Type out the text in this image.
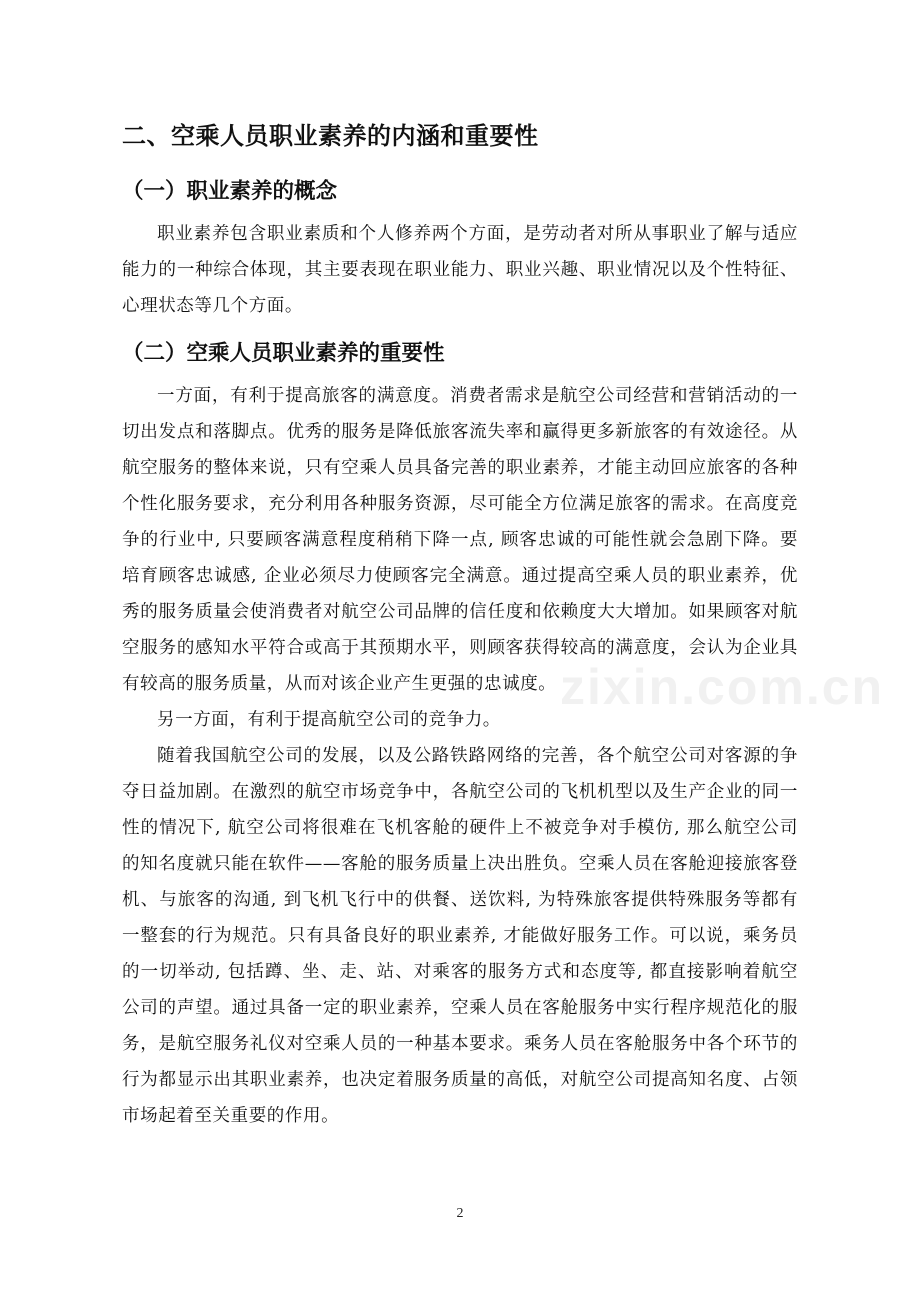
zixin.com.cn
二、空乘人员职业素养的内涵和重要性
（一）职业素养的概念

职业素养包含职业素质和个人修养两个方面，是劳动者对所从事职业了解与适应能力的一种综合体现，其主要表现在职业能力、职业兴趣、职业情况以及个性特征、心理状态等几个方面。

（二）空乘人员职业素养的重要性

一方面，有利于提高旅客的满意度。消费者需求是航空公司经营和营销活动的一切出发点和落脚点。优秀的服务是降低旅客流失率和赢得更多新旅客的有效途径。从航空服务的整体来说，只有空乘人员具备完善的职业素养，才能主动回应旅客的各种个性化服务要求，充分利用各种服务资源，尽可能全方位满足旅客的需求。在高度竞争的行业中, 只要顾客满意程度稍稍下降一点, 顾客忠诚的可能性就会急剧下降。要培育顾客忠诚感, 企业必须尽力使顾客完全满意。通过提高空乘人员的职业素养，优秀的服务质量会使消费者对航空公司品牌的信任度和依赖度大大增加。如果顾客对航空服务的感知水平符合或高于其预期水平，则顾客获得较高的满意度，会认为企业具有较高的服务质量，从而对该企业产生更强的忠诚度。

另一方面，有利于提高航空公司的竞争力。

随着我国航空公司的发展，以及公路铁路网络的完善，各个航空公司对客源的争夺日益加剧。在激烈的航空市场竞争中，各航空公司的飞机机型以及生产企业的同一性的情况下, 航空公司将很难在飞机客舱的硬件上不被竞争对手模仿, 那么航空公司的知名度就只能在软件——客舱的服务质量上决出胜负。空乘人员在客舱迎接旅客登机、与旅客的沟通, 到飞机飞行中的供餐、送饮料, 为特殊旅客提供特殊服务等都有一整套的行为规范。只有具备良好的职业素养, 才能做好服务工作。可以说，乘务员的一切举动, 包括蹲、坐、走、站、对乘客的服务方式和态度等, 都直接影响着航空公司的声望。通过具备一定的职业素养，空乘人员在客舱服务中实行程序规范化的服务，是航空服务礼仪对空乘人员的一种基本要求。乘务人员在客舱服务中各个环节的行为都显示出其职业素养，也决定着服务质量的高低，对航空公司提高知名度、占领市场起着至关重要的作用。

2
